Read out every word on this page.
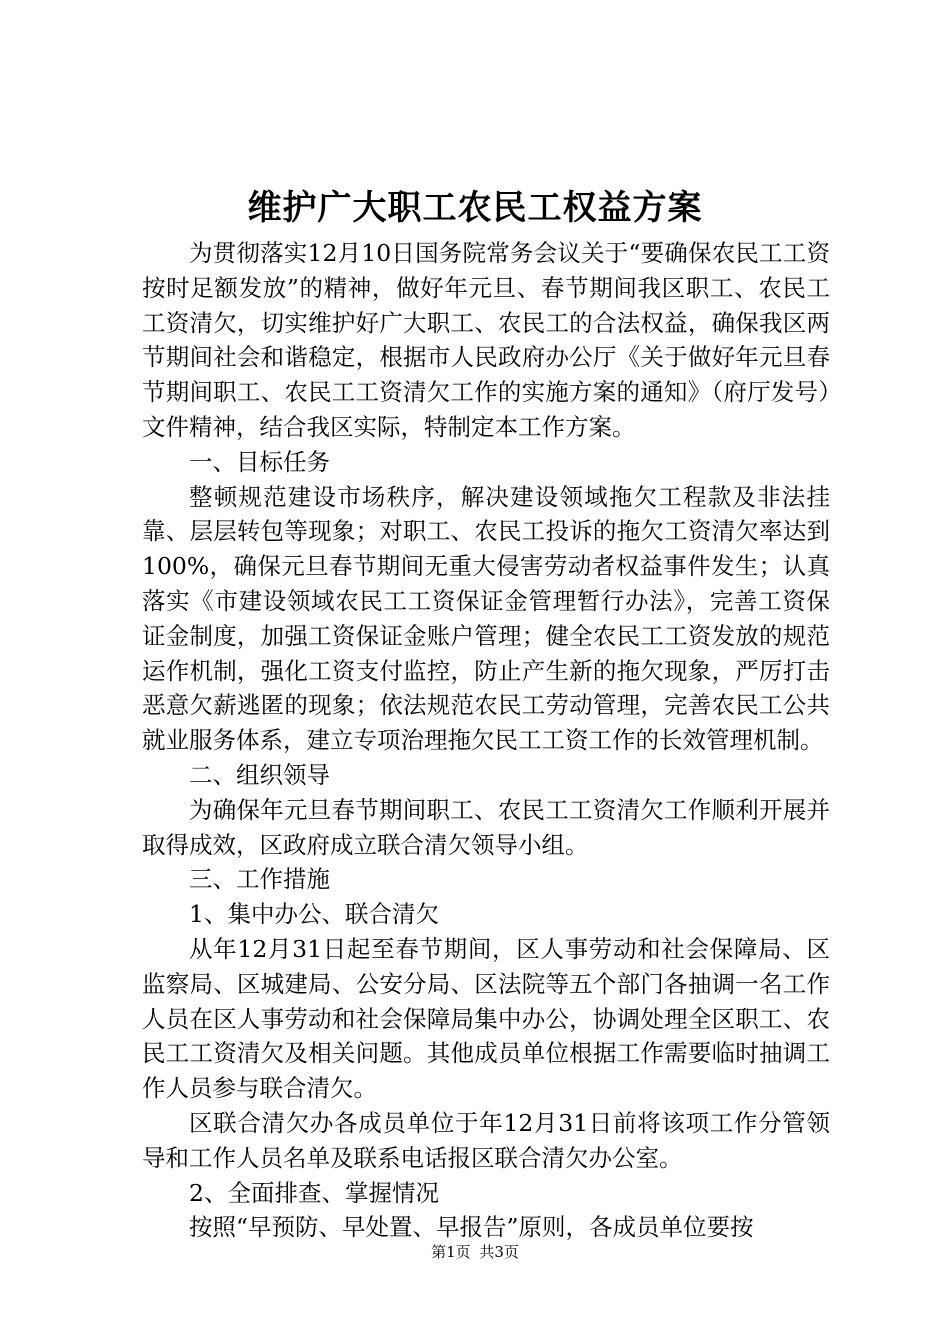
维护广大职工农民工权益方案

为贯彻落实12月10日国务院常务会议关于“要确保农民工工资按时足额发放”的精神，做好年元旦、春节期间我区职工、农民工工资清欠，切实维护好广大职工、农民工的合法权益，确保我区两节期间社会和谐稳定，根据市人民政府办公厅《关于做好年元旦春节期间职工、农民工工资清欠工作的实施方案的通知》（府厅发号）文件精神，结合我区实际，特制定本工作方案。

一、目标任务

整顿规范建设市场秩序，解决建设领域拖欠工程款及非法挂靠、层层转包等现象；对职工、农民工投诉的拖欠工资清欠率达到100%，确保元旦春节期间无重大侵害劳动者权益事件发生；认真落实《市建设领域农民工工资保证金管理暂行办法》，完善工资保证金制度，加强工资保证金账户管理；健全农民工工资发放的规范运作机制，强化工资支付监控，防止产生新的拖欠现象，严厉打击恶意欠薪逃匿的现象；依法规范农民工劳动管理，完善农民工公共就业服务体系，建立专项治理拖欠民工工资工作的长效管理机制。

二、组织领导

为确保年元旦春节期间职工、农民工工资清欠工作顺利开展并取得成效，区政府成立联合清欠领导小组。

三、工作措施

1、集中办公、联合清欠

从年12月31日起至春节期间，区人事劳动和社会保障局、区监察局、区城建局、公安分局、区法院等五个部门各抽调一名工作人员在区人事劳动和社会保障局集中办公，协调处理全区职工、农民工工资清欠及相关问题。其他成员单位根据工作需要临时抽调工作人员参与联合清欠。

区联合清欠办各成员单位于年12月31日前将该项工作分管领导和工作人员名单及联系电话报区联合清欠办公室。

2、全面排查、掌握情况

按照“早预防、早处置、早报告”原则，各成员单位要按

第1页 共3页
